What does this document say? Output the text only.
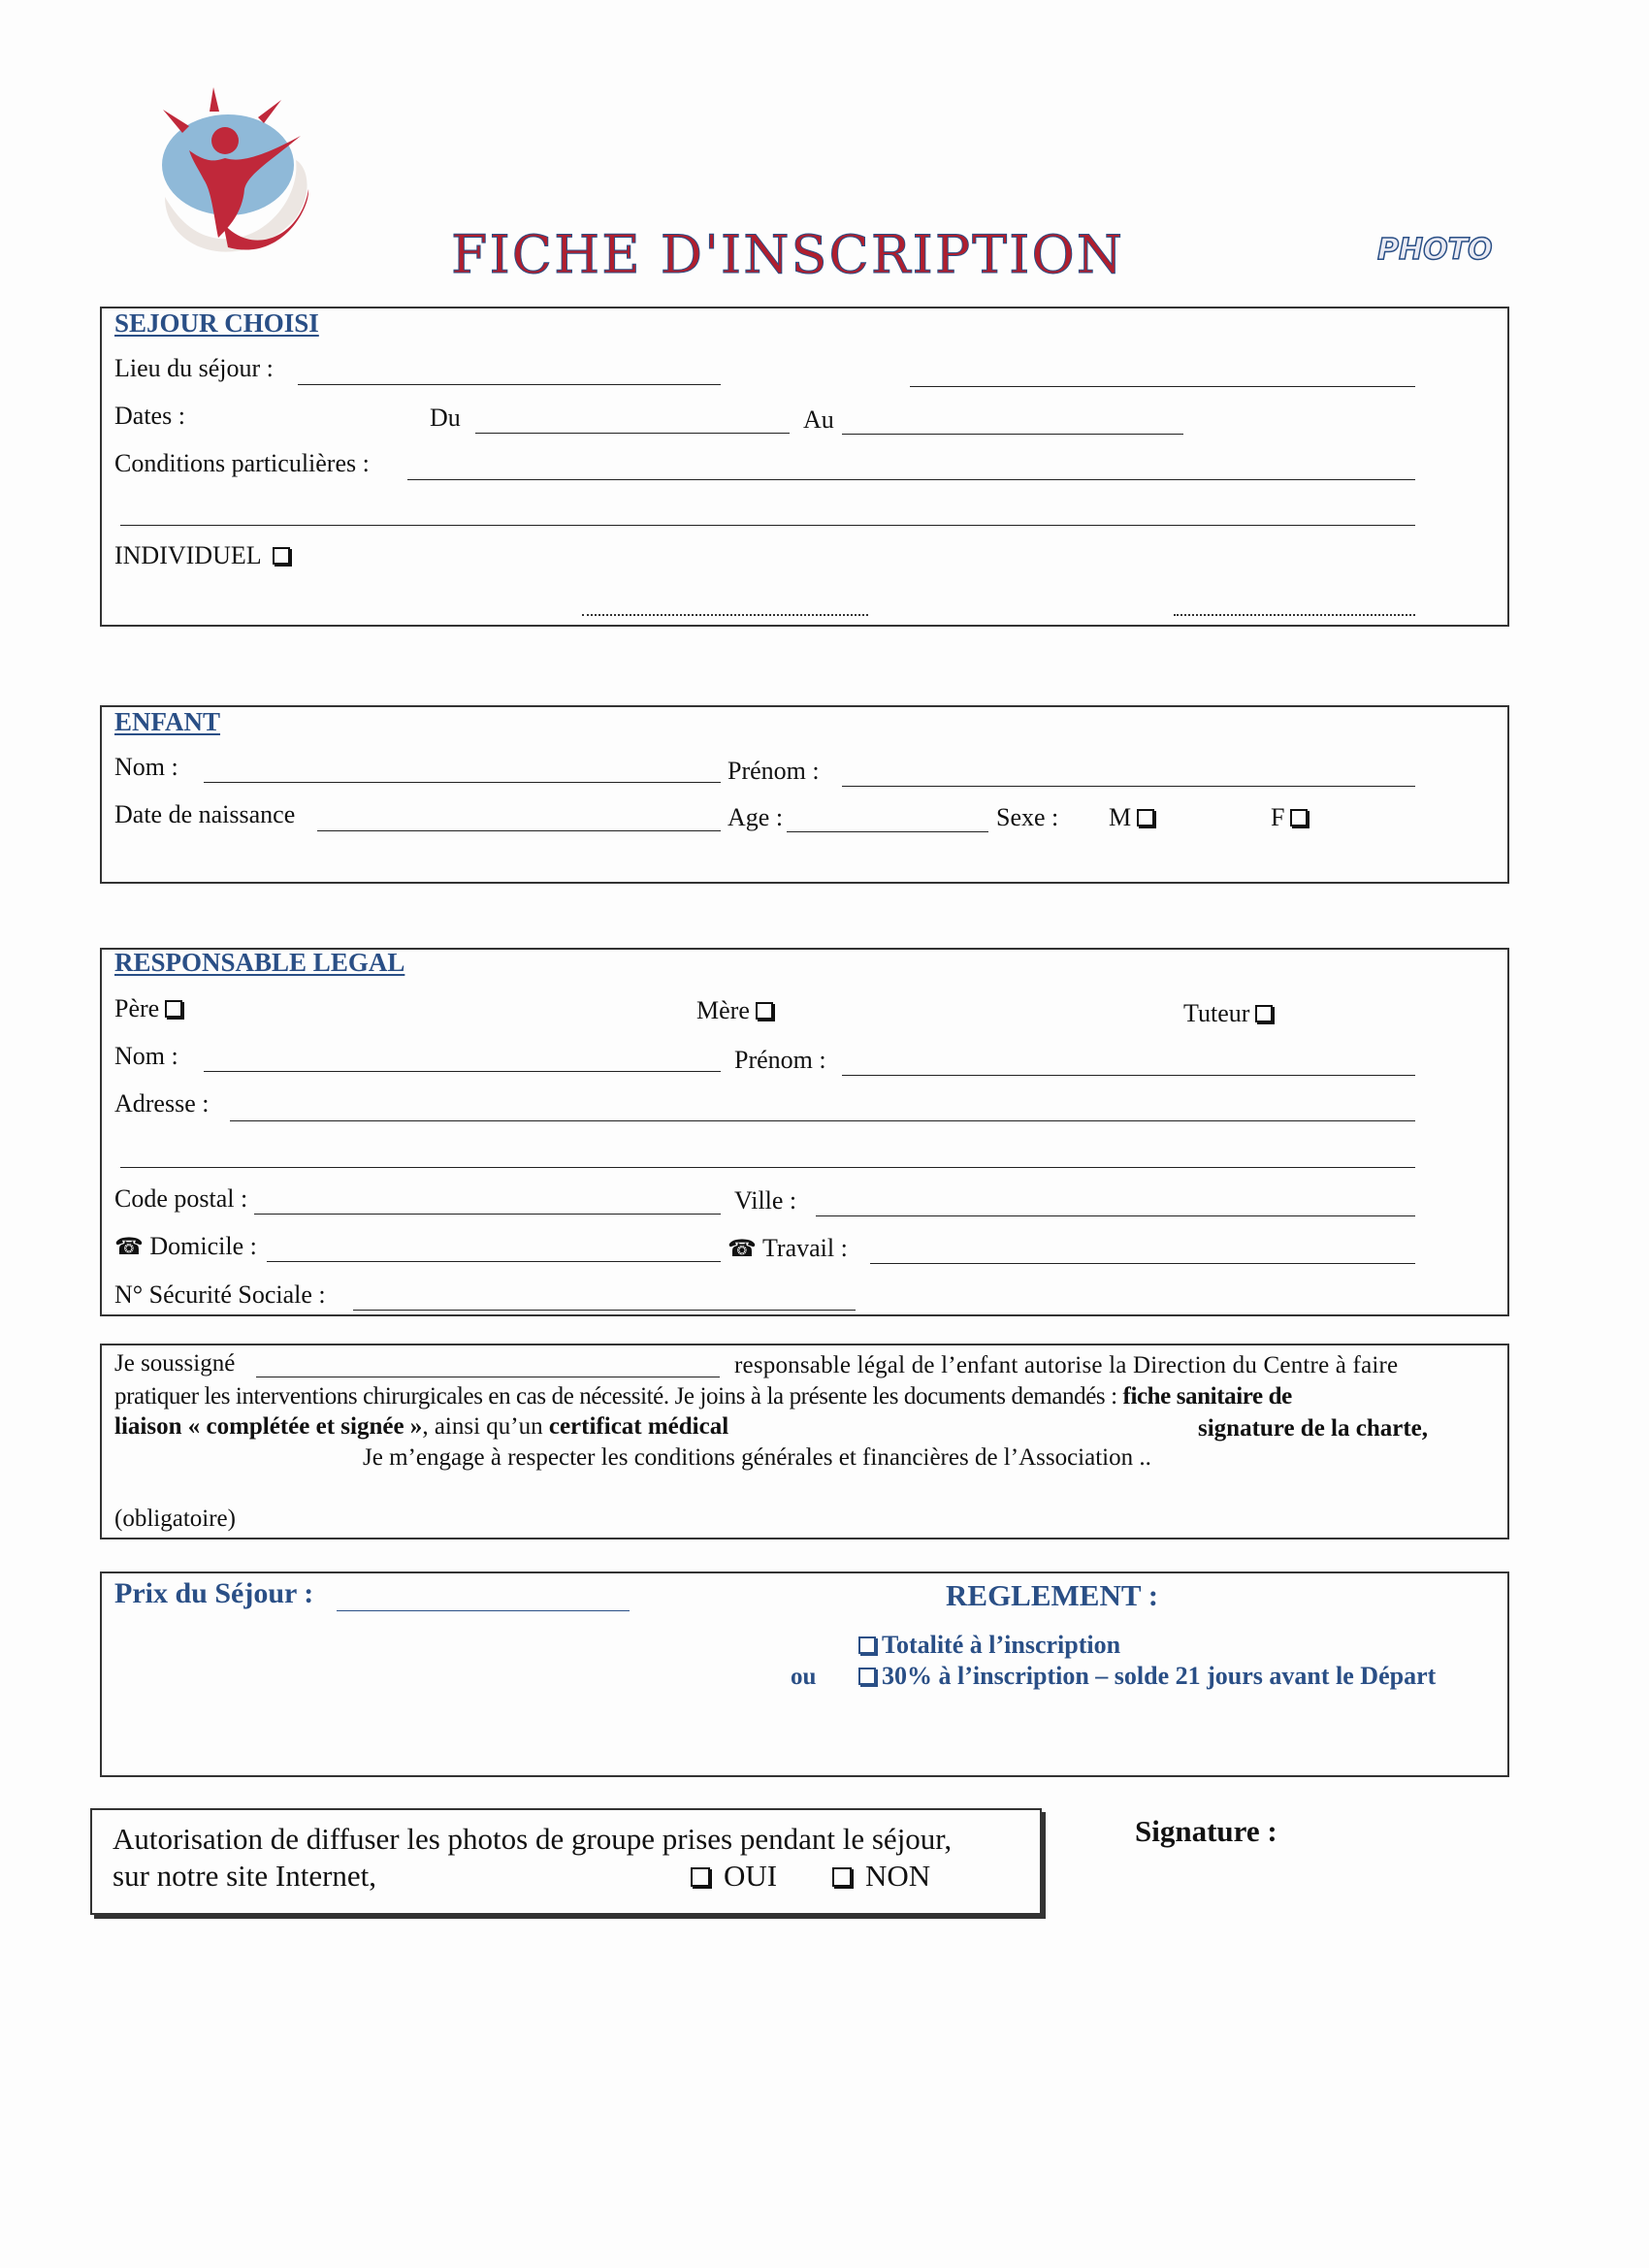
FICHE D'INSCRIPTION	PHOTO
SEJOUR CHOISI
Lieu du séjour :
Dates :	Du	Au
Conditions particulières :
INDIVIDUEL
ENFANT
Nom :	Prénom :
Date de naissance	Age :	Sexe : M	F
RESPONSABLE LEGAL
Père	Mère	Tuteur
Nom :	Prénom :
Adresse :
Code postal :	Ville :
☎ Domicile :	☎ Travail :
N° Sécurité Sociale :
Je soussigné	responsable légal de l’enfant autorise la Direction du Centre à faire
pratiquer les interventions chirurgicales en cas de nécessité. Je joins à la présente les documents demandés : fiche sanitaire de
liaison « complétée et signée », ainsi qu’un certificat médical	signature de la charte,
Je m’engage à respecter les conditions générales et financières de l’Association ..
(obligatoire)
Prix du Séjour :	REGLEMENT :
Totalité à l’inscription
ou	30% à l’inscription – solde 21 jours avant le Départ
Autorisation de diffuser les photos de groupe prises pendant le séjour,
sur notre site Internet,	OUI	NON
Signature :
